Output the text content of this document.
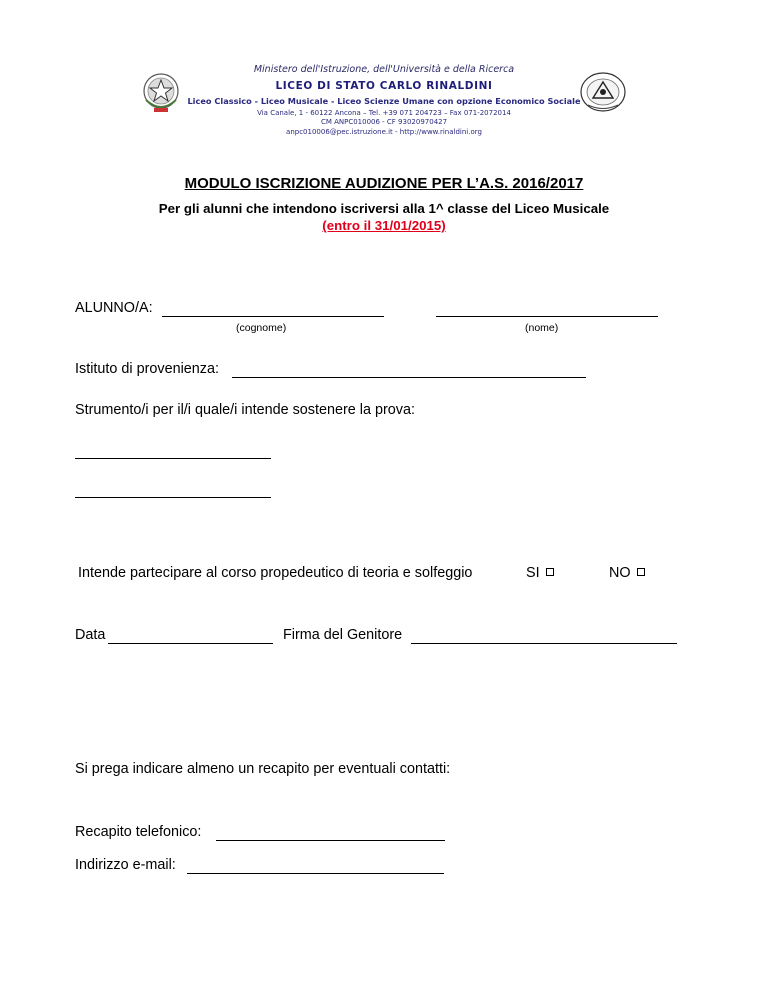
Ministero dell'Istruzione, dell'Università e della Ricerca
LICEO DI STATO CARLO RINALDINI
Liceo Classico - Liceo Musicale - Liceo Scienze Umane con opzione Economico Sociale
Via Canale, 1 - 60122 Ancona – Tel. +39 071 204723 – Fax 071-2072014
CM ANPC010006 - CF 93020970427
anpc010006@pec.istruzione.it - http://www.rinaldini.org
MODULO ISCRIZIONE AUDIZIONE PER L’A.S. 2016/2017
Per gli alunni che intendono iscriversi alla 1^ classe del Liceo Musicale
(entro il 31/01/2015)
ALUNNO/A:
(cognome)	(nome)
Istituto di provenienza:
Strumento/i per il/i quale/i intende sostenere la prova:
Intende partecipare al corso propedeutico di teoria e solfeggio	SI	NO
Data	Firma del Genitore
Si prega indicare almeno un recapito per eventuali contatti:
Recapito telefonico:
Indirizzo e-mail:
